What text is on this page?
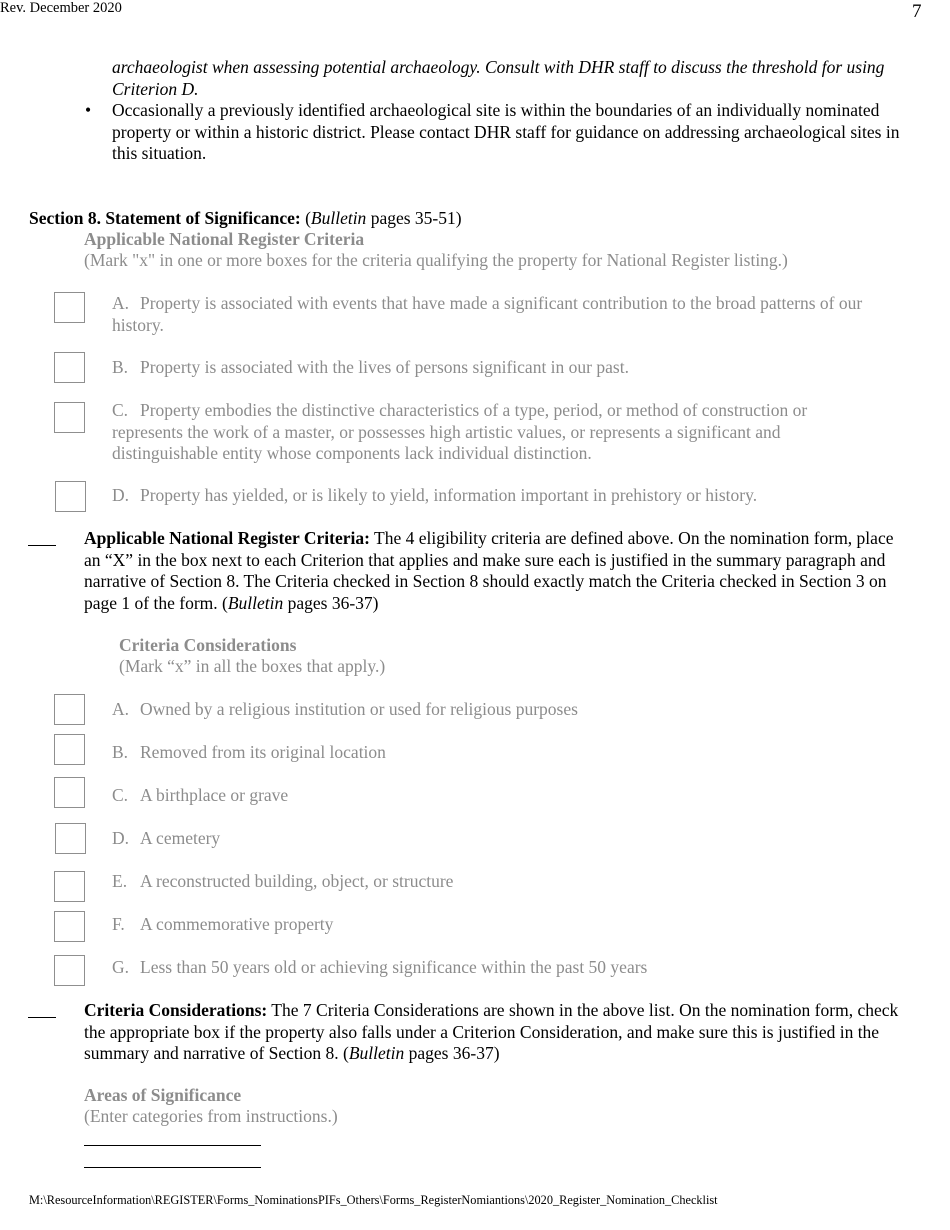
Rev. December 2020	7
archaeologist when assessing potential archaeology. Consult with DHR staff to discuss the threshold for using Criterion D.
• Occasionally a previously identified archaeological site is within the boundaries of an individually nominated property or within a historic district. Please contact DHR staff for guidance on addressing archaeological sites in this situation.
Section 8. Statement of Significance: (Bulletin pages 35-51)
Applicable National Register Criteria
(Mark "x" in one or more boxes for the criteria qualifying the property for National Register listing.)
A. Property is associated with events that have made a significant contribution to the broad patterns of our history.
B. Property is associated with the lives of persons significant in our past.
C. Property embodies the distinctive characteristics of a type, period, or method of construction or represents the work of a master, or possesses high artistic values, or represents a significant and distinguishable entity whose components lack individual distinction.
D. Property has yielded, or is likely to yield, information important in prehistory or history.
Applicable National Register Criteria: The 4 eligibility criteria are defined above. On the nomination form, place an “X” in the box next to each Criterion that applies and make sure each is justified in the summary paragraph and narrative of Section 8. The Criteria checked in Section 8 should exactly match the Criteria checked in Section 3 on page 1 of the form. (Bulletin pages 36-37)
Criteria Considerations
(Mark “x” in all the boxes that apply.)
A. Owned by a religious institution or used for religious purposes
B. Removed from its original location
C. A birthplace or grave
D. A cemetery
E. A reconstructed building, object, or structure
F. A commemorative property
G. Less than 50 years old or achieving significance within the past 50 years
Criteria Considerations: The 7 Criteria Considerations are shown in the above list. On the nomination form, check the appropriate box if the property also falls under a Criterion Consideration, and make sure this is justified in the summary and narrative of Section 8. (Bulletin pages 36-37)
Areas of Significance
(Enter categories from instructions.)
M:\ResourceInformation\REGISTER\Forms_NominationsPIFs_Others\Forms_RegisterNomiantions\2020_Register_Nomination_Checklist
